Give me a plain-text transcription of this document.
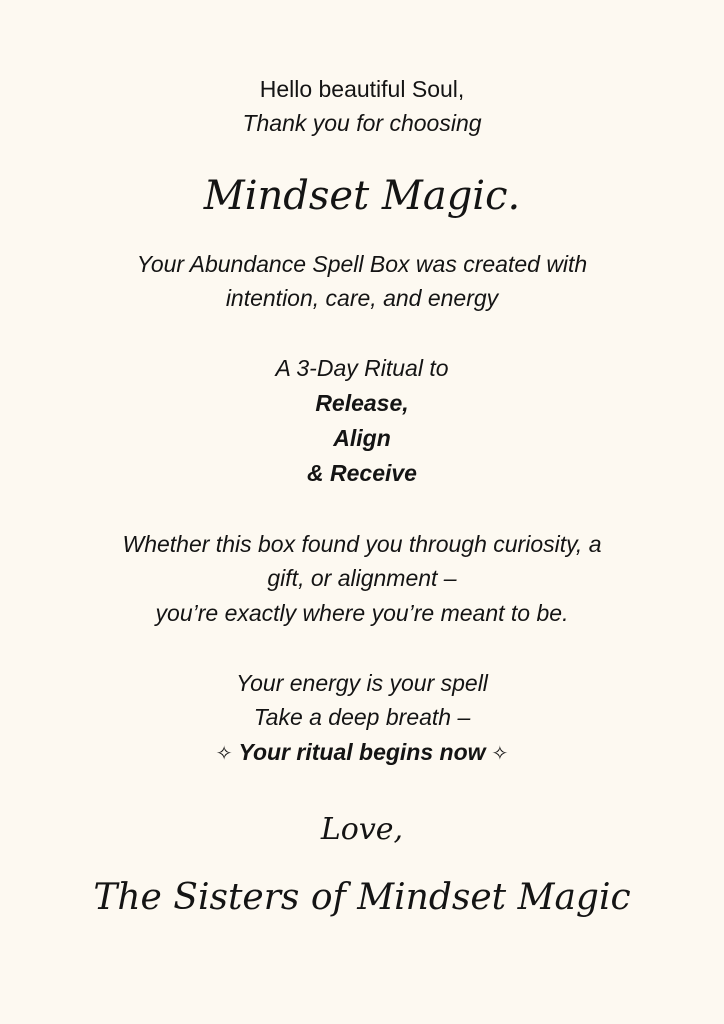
Hello beautiful Soul,
Thank you for choosing
Mindset Magic.
Your Abundance Spell Box was created with
intention, care, and energy
A 3-Day Ritual to
Release,
Align
& Receive
Whether this box found you through curiosity, a
gift, or alignment –
you’re exactly where you’re meant to be.
Your energy is your spell
Take a deep breath –
✧ Your ritual begins now ✧
Love,
The Sisters of Mindset Magic
